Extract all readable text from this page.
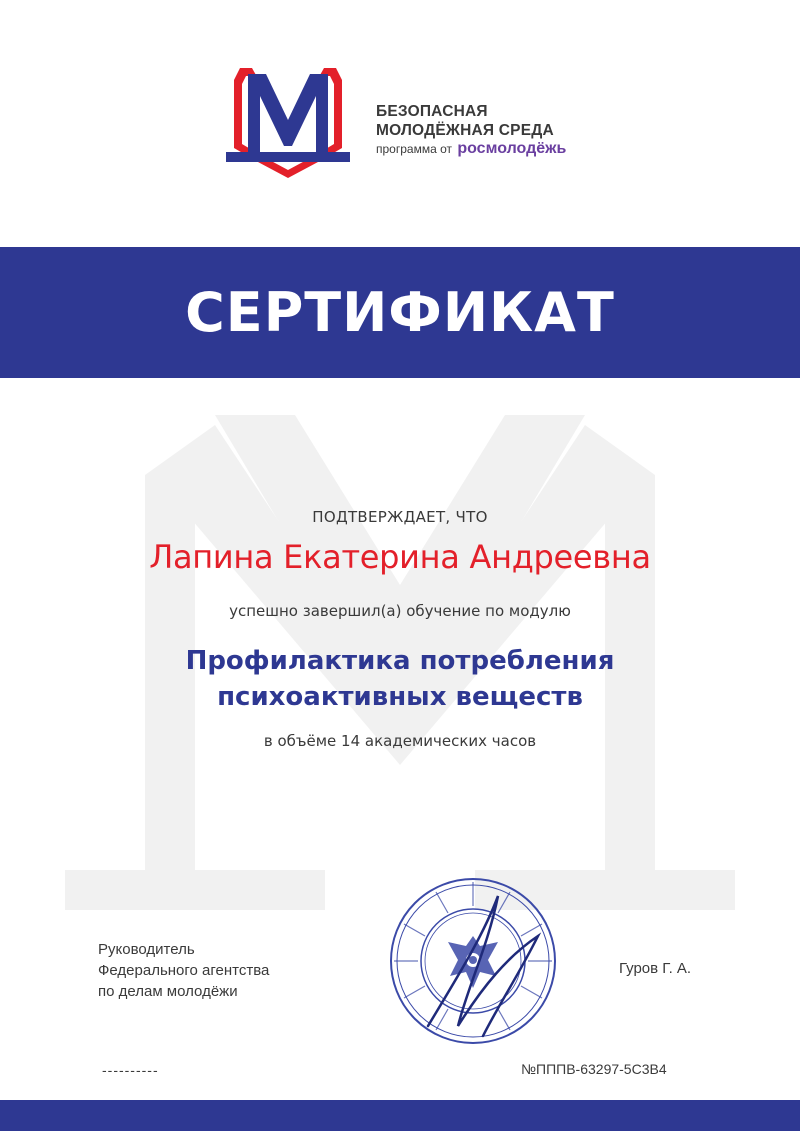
БЕЗОПАСНАЯ
МОЛОДЁЖНАЯ СРЕДА
программа от росмолодёжь
СЕРТИФИКАТ
ПОДТВЕРЖДАЕТ, ЧТО
Лапина Екатерина Андреевна
успешно завершил(а) обучение по модулю
Профилактика потребления
психоактивных веществ
в объёме 14 академических часов
Руководитель
Федерального агентства
по делам молодёжи
Гуров Г. А.
----------	№ПППВ-63297-5С3В4
